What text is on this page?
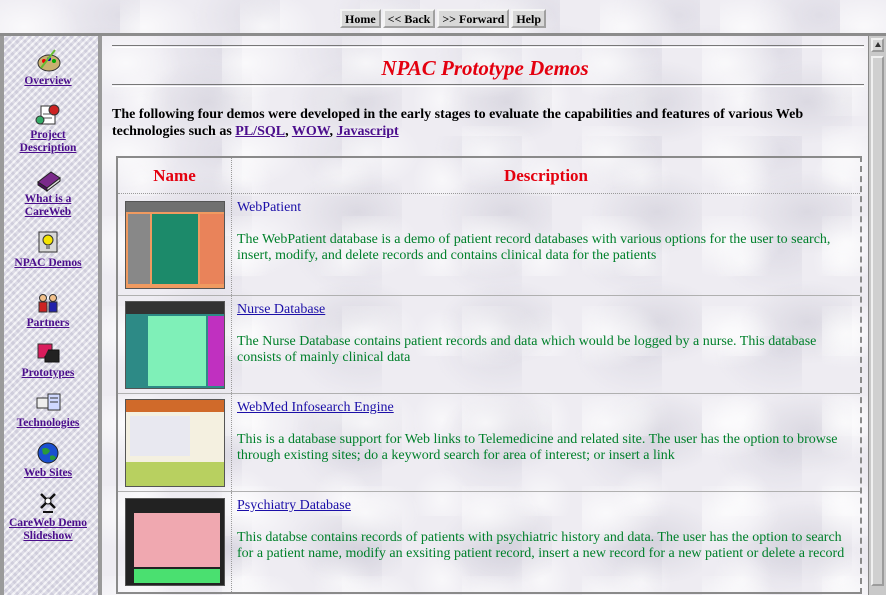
Home	<< Back	>> Forward	Help
Overview
Project Description
What is a CareWeb
NPAC Demos
Partners
Prototypes
Technologies
Web Sites
CareWeb Demo Slideshow
NPAC Prototype Demos
The following four demos were developed in the early stages to evaluate the capabilities and features of various Web technologies such as PL/SQL, WOW, Javascript
Name	Description
WebPatient
The WebPatient database is a demo of patient record databases with various options for the user to search, insert, modify, and delete records and contains clinical data for the patients
Nurse Database
The Nurse Database contains patient records and data which would be logged by a nurse. This database consists of mainly clinical data
WebMed Infosearch Engine
This is a database support for Web links to Telemedicine and related site. The user has the option to browse through existing sites; do a keyword search for area of interest; or insert a link
Psychiatry Database
This databse contains records of patients with psychiatric history and data. The user has the option to search for a patient name, modify an exsiting patient record, insert a new record for a new patient or delete a record
